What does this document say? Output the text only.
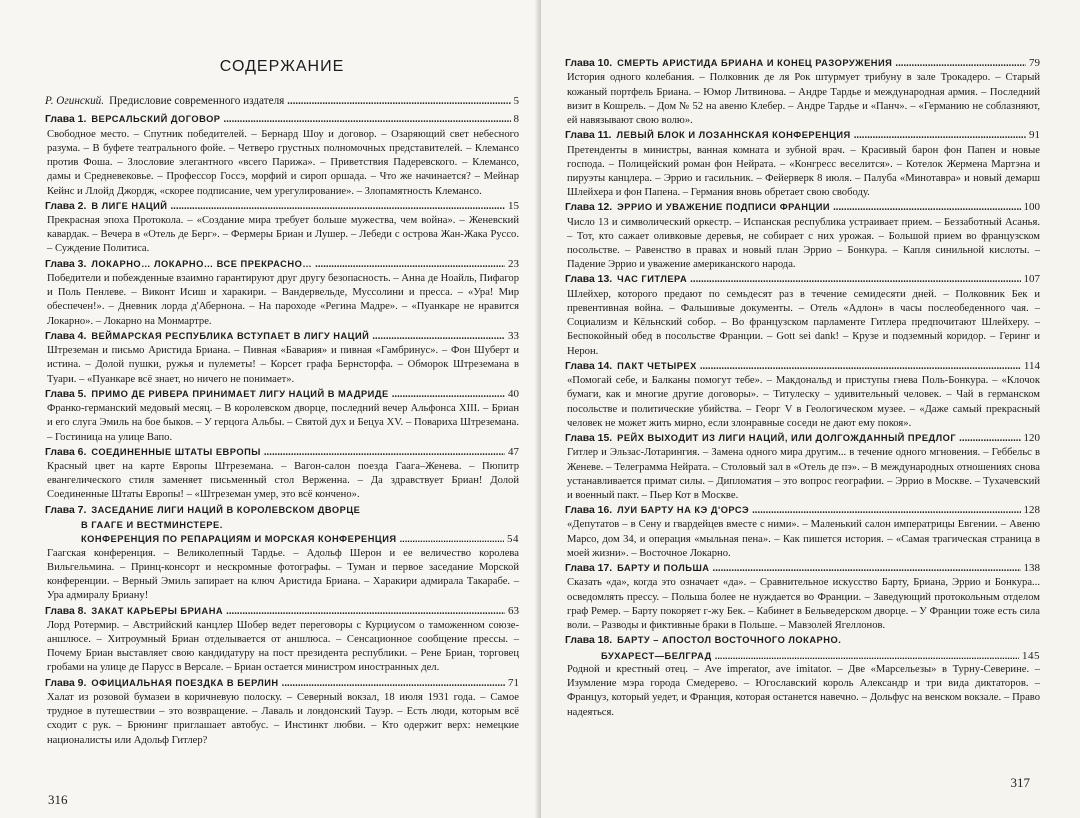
СОДЕРЖАНИЕ
Р. Огинский. Предисловие современного издателя . . .	5
Глава 1. ВЕРСАЛЬСКИЙ ДОГОВОР . . .	8
Свободное место. – Спутник победителей. – Бернард Шоу и договор. – Озаряющий свет небесного разума. – В буфете театрального фойе. – Четверо грустных полномочных представителей. – Клемансо против Фоша. – Злословие элегантного «всего Парижа». – Приветствия Падеревского. – Клемансо, дамы и Средневековье. – Профессор Госсэ, морфий и сироп оршада. – Что же начинается? – Мейнар Кейнс и Ллойд Джордж, «скорее подписание, чем урегулирование». – Злопамятность Клемансо.
Глава 2. В ЛИГЕ НАЦИЙ . . .	15
Прекрасная эпоха Протокола. – «Создание мира требует больше мужества, чем война». – Женевский кавардак. – Вечера в «Отель де Берг». – Фермеры Бриан и Лушер. – Лебеди с острова Жан-Жака Руссо. – Суждение Политиса.
Глава 3. ЛОКАРНО… ЛОКАРНО… ВСЕ ПРЕКРАСНО… . . .	23
Победители и побежденные взаимно гарантируют друг другу безопасность. – Анна де Ноайль, Пифагор и Поль Пенлеве. – Виконт Исиш и харакири. – Вандервельде, Муссолини и пресса. – «Ура! Мир обеспечен!». – Дневник лорда д'Абернона. – На пароходе «Регина Мадре». – «Пуанкаре не нравится Локарно». – Локарно на Монмартре.
Глава 4. ВЕЙМАРСКАЯ РЕСПУБЛИКА ВСТУПАЕТ В ЛИГУ НАЦИЙ . . .	33
Штреземан и письмо Аристида Бриана. – Пивная «Бавария» и пивная «Гамбринус». – Фон Шуберт и истина. – Долой пушки, ружья и пулеметы! – Корсет графа Бернсторфа. – Обморок Штреземана в Туари. – «Пуанкаре всё знает, но ничего не понимает».
Глава 5. ПРИМО ДЕ РИВЕРА ПРИНИМАЕТ ЛИГУ НАЦИЙ В МАДРИДЕ . . .	40
Франко-германский медовый месяц. – В королевском дворце, последний вечер Альфонса XIII. – Бриан и его слуга Эмиль на бое быков. – У герцога Альбы. – Святой дух и Бецуа XV. – Повариха Штреземана. – Гостиница на улице Вапо.
Глава 6. СОЕДИНЕННЫЕ ШТАТЫ ЕВРОПЫ . . .	47
Красный цвет на карте Европы Штреземана. – Вагон-салон поезда Гаага–Женева. – Пюпитр евангелического стиля заменяет письменный стол Верженна. – Да здравствует Бриан! Долой Соединенные Штаты Европы! – «Штреземан умер, это всё кончено».
Глава 7. ЗАСЕДАНИЕ ЛИГИ НАЦИЙ В КОРОЛЕВСКОМ ДВОРЦЕ
В ГААГЕ И ВЕСТМИНСТЕРЕ.
КОНФЕРЕНЦИЯ ПО РЕПАРАЦИЯМ И МОРСКАЯ КОНФЕРЕНЦИЯ . . .	54
Гаагская конференция. – Великолепный Тардье. – Адольф Шерон и ее величество королева Вильгельмина. – Принц-консорт и нескромные фотографы. – Туман и первое заседание Морской конференции. – Верный Эмиль запирает на ключ Аристида Бриана. – Харакири адмирала Такарабе. – Ура адмиралу Бриану!
Глава 8. ЗАКАТ КАРЬЕРЫ БРИАНА . . .	63
Лорд Ротермир. – Австрийский канцлер Шобер ведет переговоры с Курциусом о таможенном союзе-аншлюсе. – Хитроумный Бриан отделывается от аншлюса. – Сенсационное сообщение прессы. – Почему Бриан выставляет свою кандидатуру на пост президента республики. – Рене Бриан, торговец гробами на улице де Парусс в Версале. – Бриан остается министром иностранных дел.
Глава 9. ОФИЦИАЛЬНАЯ ПОЕЗДКА В БЕРЛИН . . .	71
Халат из розовой бумазеи в коричневую полоску. – Северный вокзал, 18 июля 1931 года. – Самое трудное в путешествии – это возвращение. – Лаваль и лондонский Тауэр. – Есть люди, которым всё сходит с рук. – Брюнинг приглашает автобус. – Инстинкт любви. – Кто одержит верх: немецкие националисты или Адольф Гитлер?
316
Глава 10. СМЕРТЬ АРИСТИДА БРИАНА И КОНЕЦ РАЗОРУЖЕНИЯ . . .	79
История одного колебания. – Полковник де ля Рок штурмует трибуну в зале Трокадеро. – Старый кожаный портфель Бриана. – Юмор Литвинова. – Андре Тардье и международная армия. – Последний визит в Кошрель. – Дом № 52 на авеню Клебер. – Андре Тардье и «Панч». – «Германию не соблазняют, ей навязывают свою волю».
Глава 11. ЛЕВЫЙ БЛОК И ЛОЗАННСКАЯ КОНФЕРЕНЦИЯ . . .	91
Претенденты в министры, ванная комната и зубной врач. – Красивый барон фон Папен и новые господа. – Полицейский роман фон Нейрата. – «Конгресс веселится». – Котелок Жермена Мартэна и пируэты канцлера. – Эррио и гасильник. – Фейерверк 8 июля. – Палуба «Минотавра» и новый демарш Шлейхера и фон Папена. – Германия вновь обретает свою свободу.
Глава 12. ЭРРИО И УВАЖЕНИЕ ПОДПИСИ ФРАНЦИИ . . .	100
Число 13 и символический оркестр. – Испанская республика устраивает прием. – Беззаботный Асанья. – Тот, кто сажает оливковые деревья, не собирает с них урожая. – Большой прием во французском посольстве. – Равенство в правах и новый план Эррио – Бонкура. – Капля синильной кислоты. – Падение Эррио и уважение американского народа.
Глава 13. ЧАС ГИТЛЕРА . . .	107
Шлейхер, которого предают по семьдесят раз в течение семидесяти дней. – Полковник Бек и превентивная война. – Фальшивые документы. – Отель «Адлон» в часы послеобеденного чая. – Социализм и Кёльнский собор. – Во французском парламенте Гитлера предпочитают Шлейхеру. – Беспокойный обед в посольстве Франции. – Gott sei dank! – Крузе и подземный коридор. – Геринг и Нерон.
Глава 14. ПАКТ ЧЕТЫРЕХ . . .	114
«Помогай себе, и Балканы помогут тебе». – Макдональд и приступы гнева Поль-Бонкура. – «Клочок бумаги, как и многие другие договоры». – Титулеску – удивительный человек. – Чай в германском посольстве и политические убийства. – Георг V в Геологическом музее. – «Даже самый прекрасный человек не может жить мирно, если злонравные соседи не дают ему покоя».
Глава 15. РЕЙХ ВЫХОДИТ ИЗ ЛИГИ НАЦИЙ, ИЛИ ДОЛГОЖДАННЫЙ ПРЕДЛОГ . . .	120
Гитлер и Эльзас-Лотарингия. – Замена одного мира другим... в течение одного мгновения. – Геббельс в Женеве. – Телеграмма Нейрата. – Столовый зал в «Отель де пэ». – В международных отношениях снова устанавливается примат силы. – Дипломатия – это вопрос географии. – Эррио в Москве. – Тухачевский и военный пакт. – Пьер Кот в Москве.
Глава 16. ЛУИ БАРТУ НА КЭ Д'ОРСЭ . . .	128
«Депутатов – в Сену и гвардейцев вместе с ними». – Маленький салон императрицы Евгении. – Авеню Марсо, дом 34, и операция «мыльная пена». – Как пишется история. – «Самая трагическая страница в моей жизни». – Восточное Локарно.
Глава 17. БАРТУ И ПОЛЬША . . .	138
Сказать «да», когда это означает «да». – Сравнительное искусство Барту, Бриана, Эррио и Бонкура... осведомлять прессу. – Польша более не нуждается во Франции. – Заведующий протокольным отделом граф Ремер. – Барту покоряет г-жу Бек. – Кабинет в Бельведерском дворце. – У Франции тоже есть сила воли. – Разводы и фиктивные браки в Польше. – Мавзолей Ягеллонов.
Глава 18. БАРТУ – АПОСТОЛ ВОСТОЧНОГО ЛОКАРНО.
БУХАРЕСТ—БЕЛГРАД . . .	145
Родной и крестный отец. – Ave imperator, ave imitator. – Две «Марсельезы» в Турну-Северине. – Изумление мэра города Смедерево. – Югославский король Александр и три вида диктаторов. – Француз, который уедет, и Франция, которая останется навечно. – Дольфус на венском вокзале. – Право надеяться.
317
